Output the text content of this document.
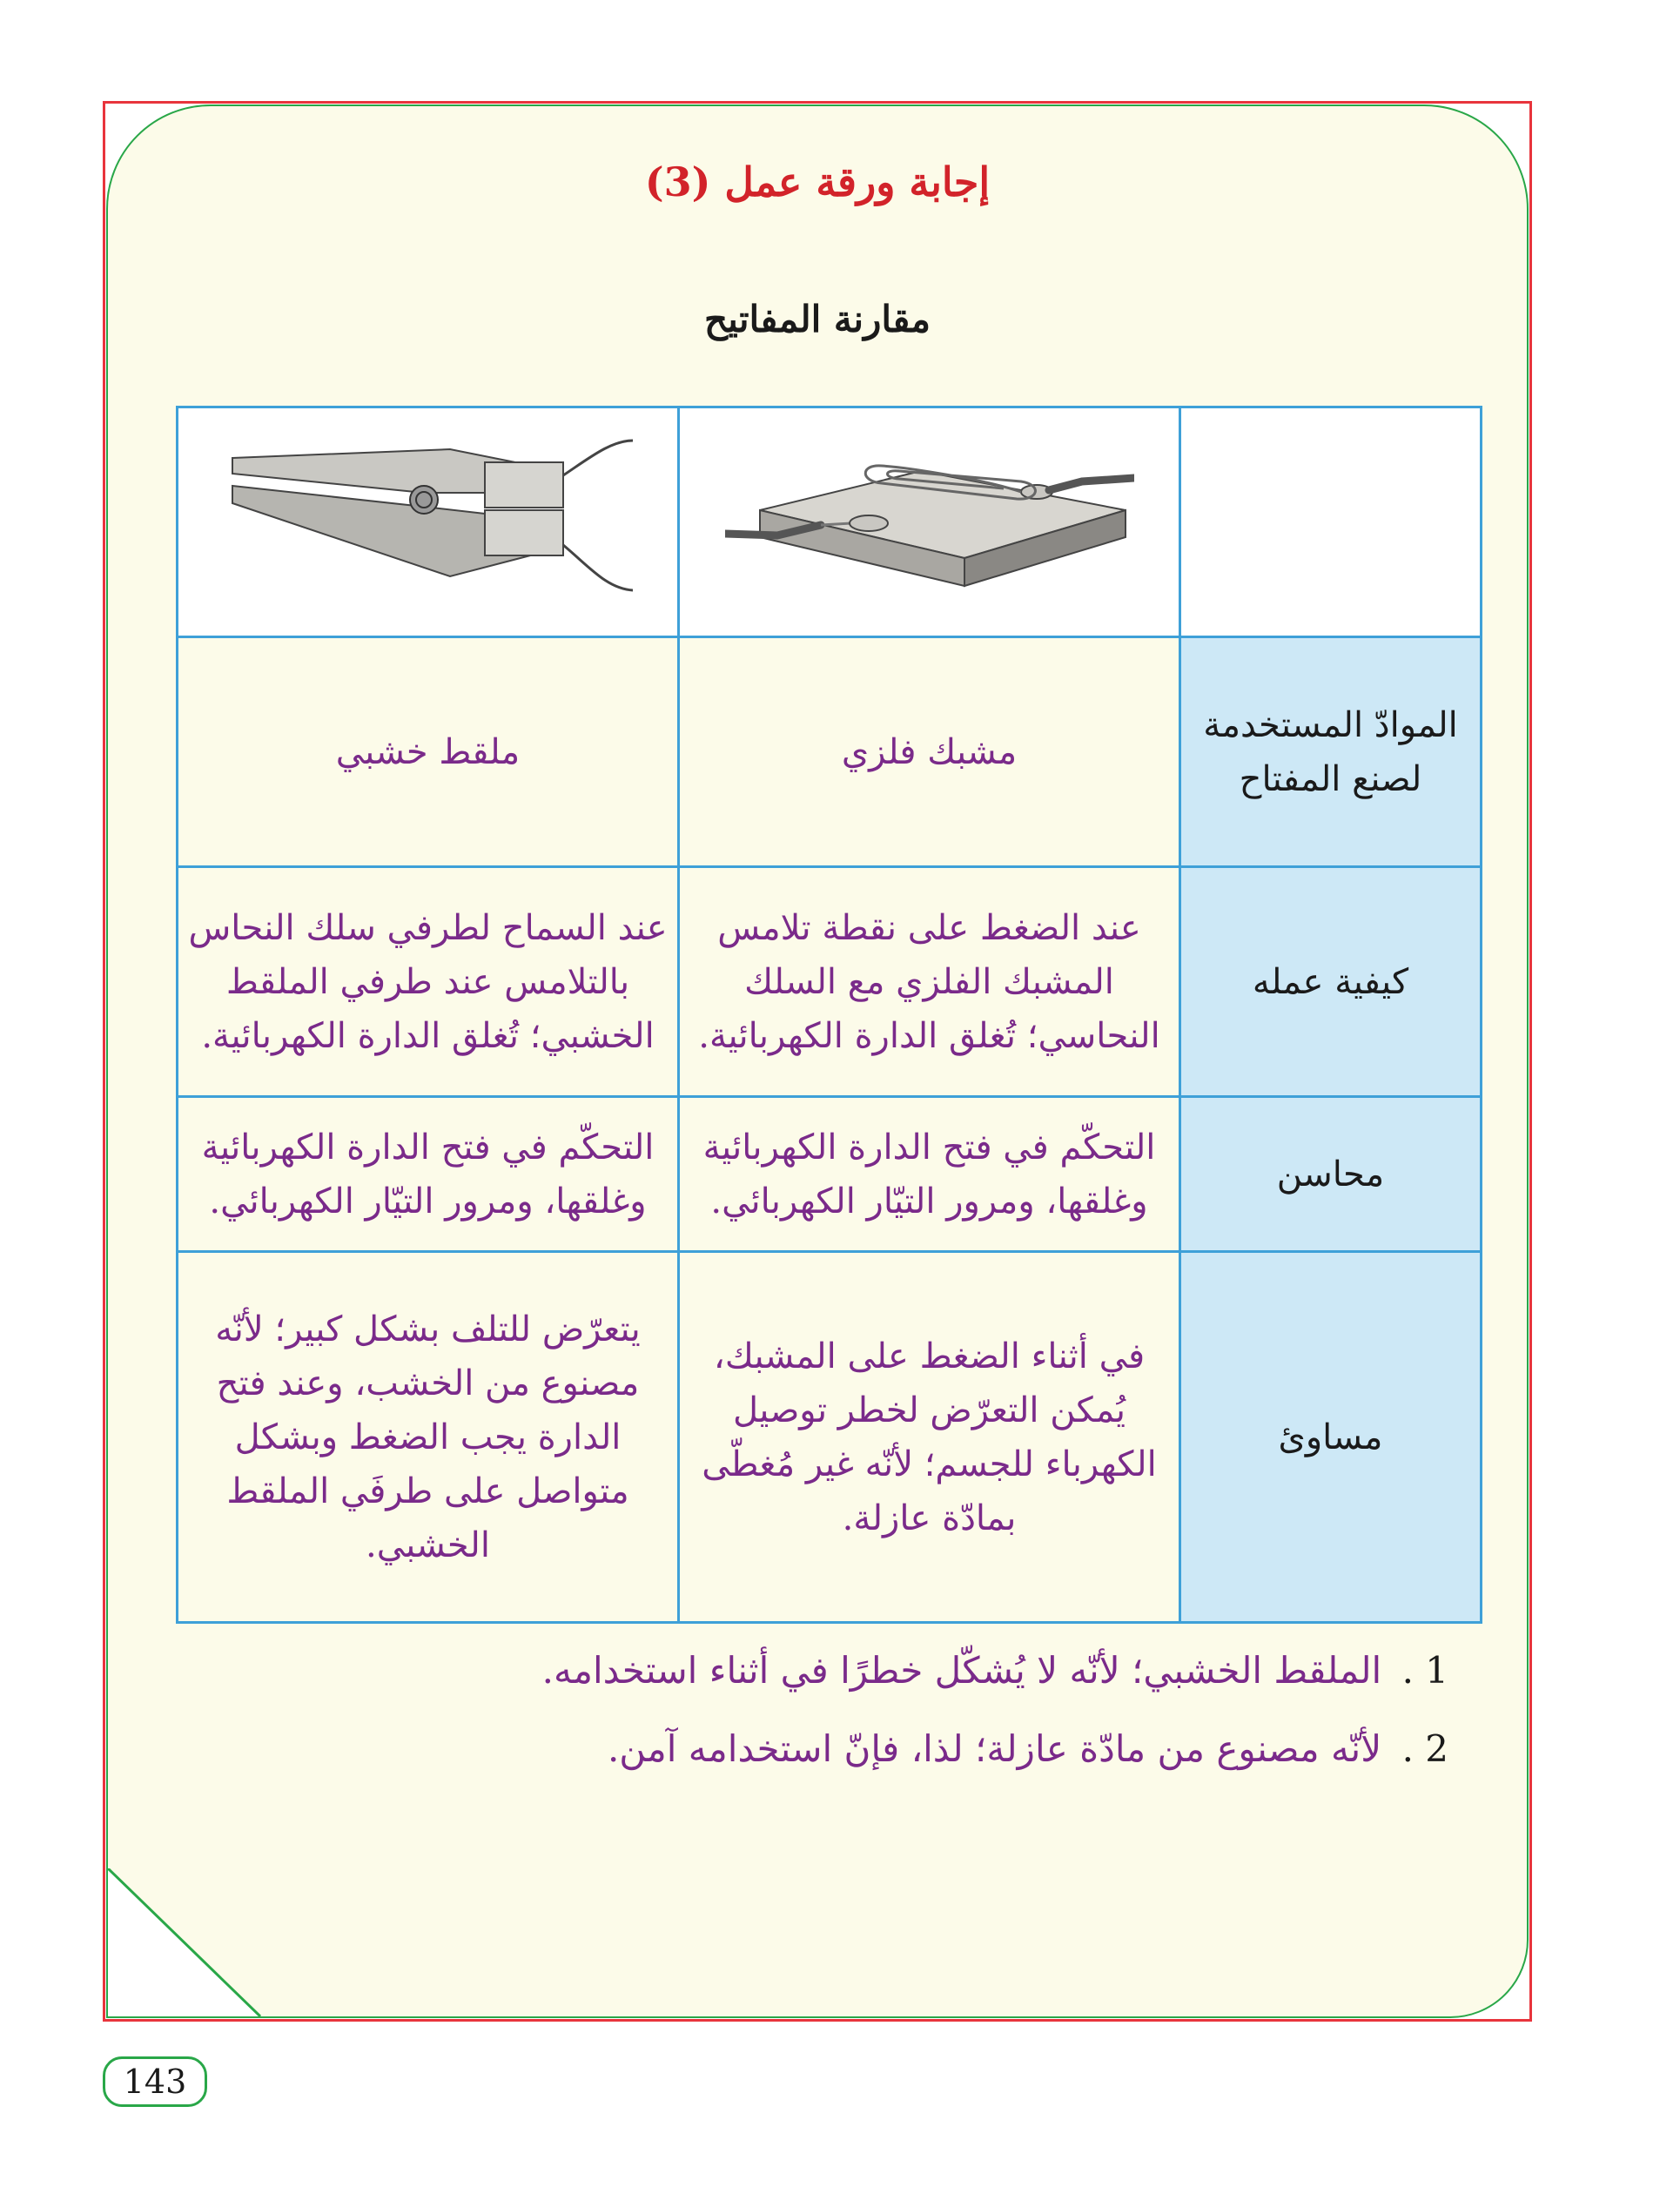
إجابة ورقة عمل (3)
مقارنة المفاتيح

الموادّ المستخدمة لصنع المفتاح	مشبك فلزي	ملقط خشبي
كيفية عمله	عند الضغط على نقطة تلامس المشبك الفلزي مع السلك النحاسي؛ تُغلق الدارة الكهربائية.	عند السماح لطرفي سلك النحاس بالتلامس عند طرفي الملقط الخشبي؛ تُغلق الدارة الكهربائية.
محاسن	التحكّم في فتح الدارة الكهربائية وغلقها، ومرور التيّار الكهربائي.	التحكّم في فتح الدارة الكهربائية وغلقها، ومرور التيّار الكهربائي.
مساوئ	في أثناء الضغط على المشبك، يُمكن التعرّض لخطر توصيل الكهرباء للجسم؛ لأنّه غير مُغطّى بمادّة عازلة.	يتعرّض للتلف بشكل كبير؛ لأنّه مصنوع من الخشب، وعند فتح الدارة يجب الضغط وبشكل متواصل على طرفَي الملقط الخشبي.

1 . الملقط الخشبي؛ لأنّه لا يُشكّل خطرًا في أثناء استخدامه.

2 . لأنّه مصنوع من مادّة عازلة؛ لذا، فإنّ استخدامه آمن.

143
